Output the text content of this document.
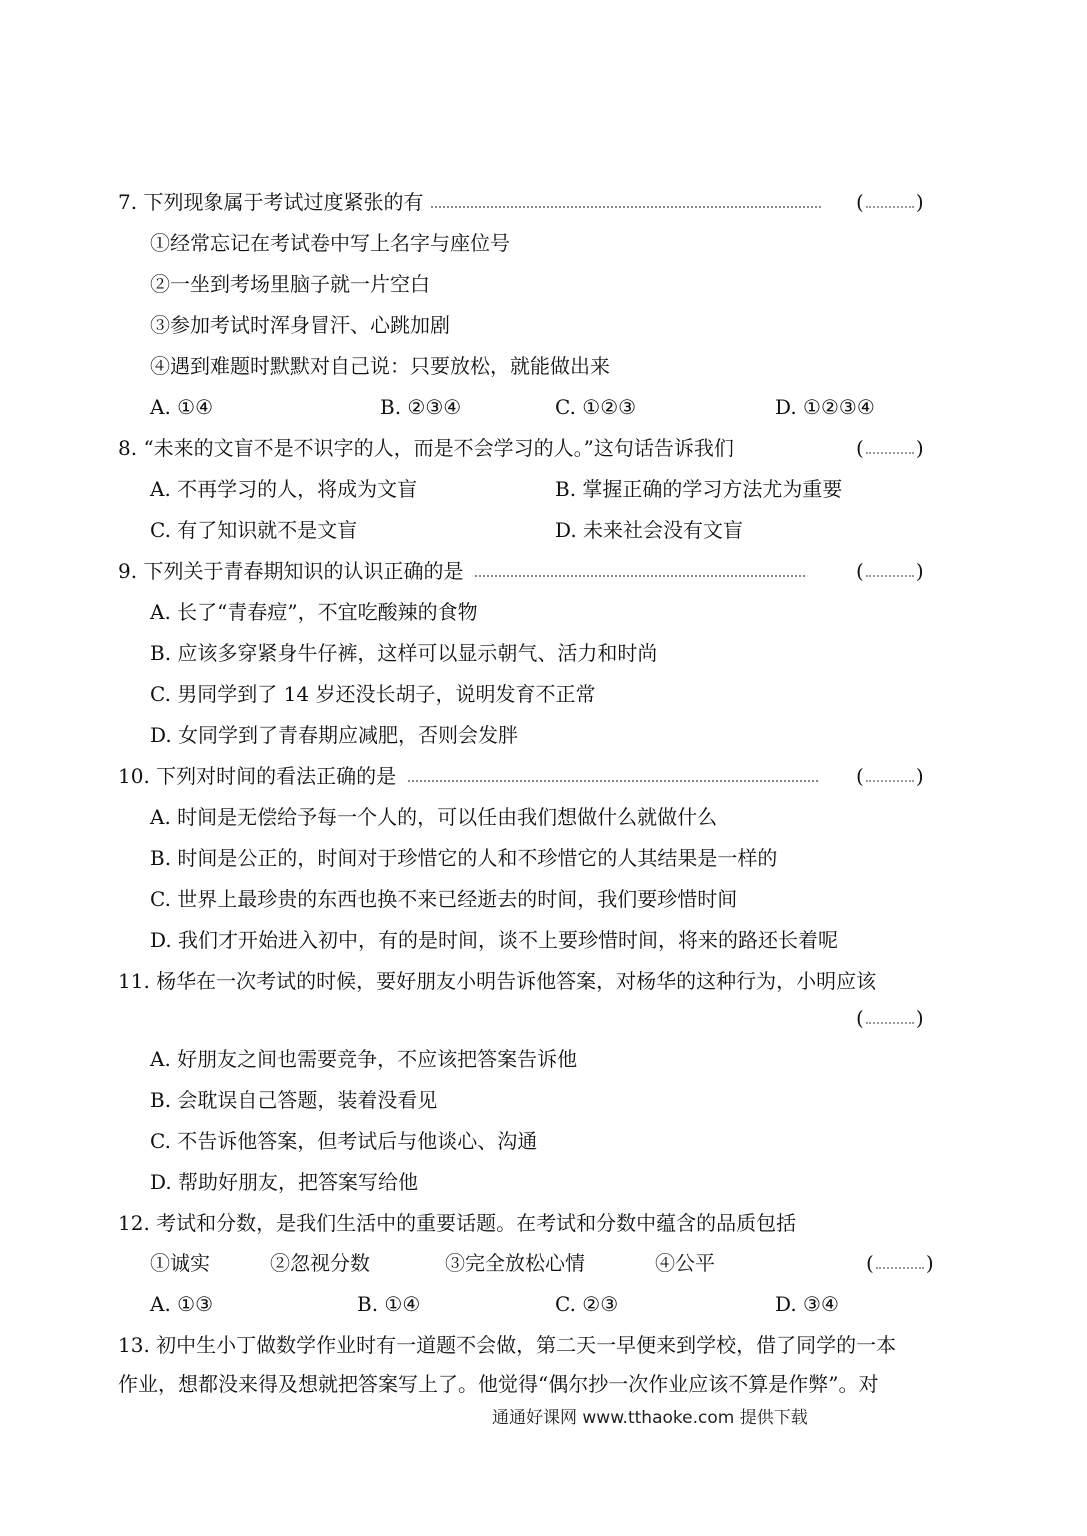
7. 下列现象属于考试过度紧张的有	(	)
①经常忘记在考试卷中写上名字与座位号
②一坐到考场里脑子就一片空白
③参加考试时浑身冒汗、心跳加剧
④遇到难题时默默对自己说：只要放松，就能做出来
A. ①④	B. ②③④	C. ①②③	D. ①②③④
8. “未来的文盲不是不识字的人，而是不会学习的人。”这句话告诉我们	(	)
A. 不再学习的人，将成为文盲	B. 掌握正确的学习方法尤为重要
C. 有了知识就不是文盲	D. 未来社会没有文盲
9. 下列关于青春期知识的认识正确的是	(	)
A. 长了“青春痘”，不宜吃酸辣的食物
B. 应该多穿紧身牛仔裤，这样可以显示朝气、活力和时尚
C. 男同学到了 14 岁还没长胡子，说明发育不正常
D. 女同学到了青春期应减肥，否则会发胖
10. 下列对时间的看法正确的是	(	)
A. 时间是无偿给予每一个人的，可以任由我们想做什么就做什么
B. 时间是公正的，时间对于珍惜它的人和不珍惜它的人其结果是一样的
C. 世界上最珍贵的东西也换不来已经逝去的时间，我们要珍惜时间
D. 我们才开始进入初中，有的是时间，谈不上要珍惜时间，将来的路还长着呢
11. 杨华在一次考试的时候，要好朋友小明告诉他答案，对杨华的这种行为，小明应该
(	)
A. 好朋友之间也需要竞争，不应该把答案告诉他
B. 会耽误自己答题，装着没看见
C. 不告诉他答案，但考试后与他谈心、沟通
D. 帮助好朋友，把答案写给他
12. 考试和分数，是我们生活中的重要话题。在考试和分数中蕴含的品质包括
①诚实	②忽视分数	③完全放松心情	④公平	(	)
A. ①③	B. ①④	C. ②③	D. ③④
13. 初中生小丁做数学作业时有一道题不会做，第二天一早便来到学校，借了同学的一本
作业，想都没来得及想就把答案写上了。他觉得“偶尔抄一次作业应该不算是作弊”。对
通通好课网 www.tthaoke.com 提供下载
